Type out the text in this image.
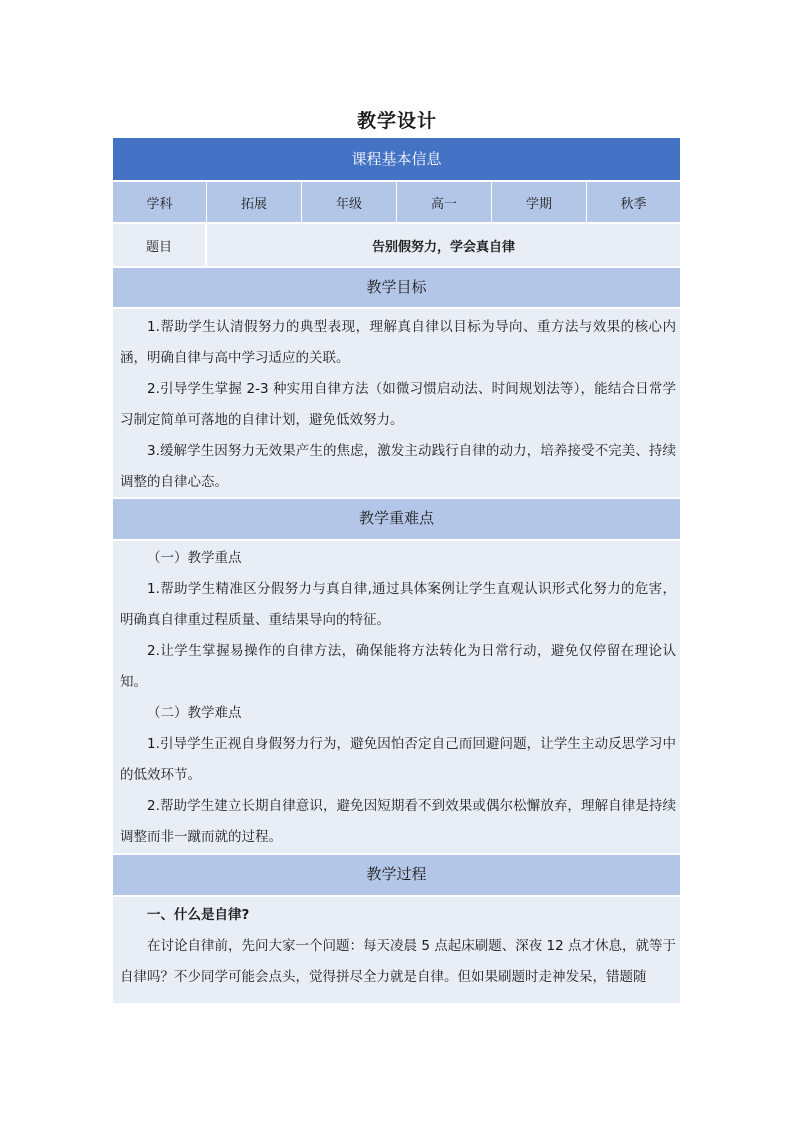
教学设计
课程基本信息
学科	拓展	年级	高一	学期	秋季
题目	告别假努力，学会真自律
教学目标

1.帮助学生认清假努力的典型表现，理解真自律以目标为导向、重方法与效果的核心内涵，明确自律与高中学习适应的关联。

2.引导学生掌握 2-3 种实用自律方法（如微习惯启动法、时间规划法等），能结合日常学习制定简单可落地的自律计划，避免低效努力。

3.缓解学生因努力无效果产生的焦虑，激发主动践行自律的动力，培养接受不完美、持续调整的自律心态。

教学重难点

（一）教学重点

1.帮助学生精准区分假努力与真自律,通过具体案例让学生直观认识形式化努力的危害，明确真自律重过程质量、重结果导向的特征。

2.让学生掌握易操作的自律方法，确保能将方法转化为日常行动，避免仅停留在理论认知。

（二）教学难点

1.引导学生正视自身假努力行为，避免因怕否定自己而回避问题，让学生主动反思学习中的低效环节。

2.帮助学生建立长期自律意识，避免因短期看不到效果或偶尔松懈放弃，理解自律是持续调整而非一蹴而就的过程。

教学过程

一、什么是自律?

在讨论自律前，先问大家一个问题：每天凌晨 5 点起床刷题、深夜 12 点才休息，就等于自律吗？不少同学可能会点头，觉得拼尽全力就是自律。但如果刷题时走神发呆，错题随
